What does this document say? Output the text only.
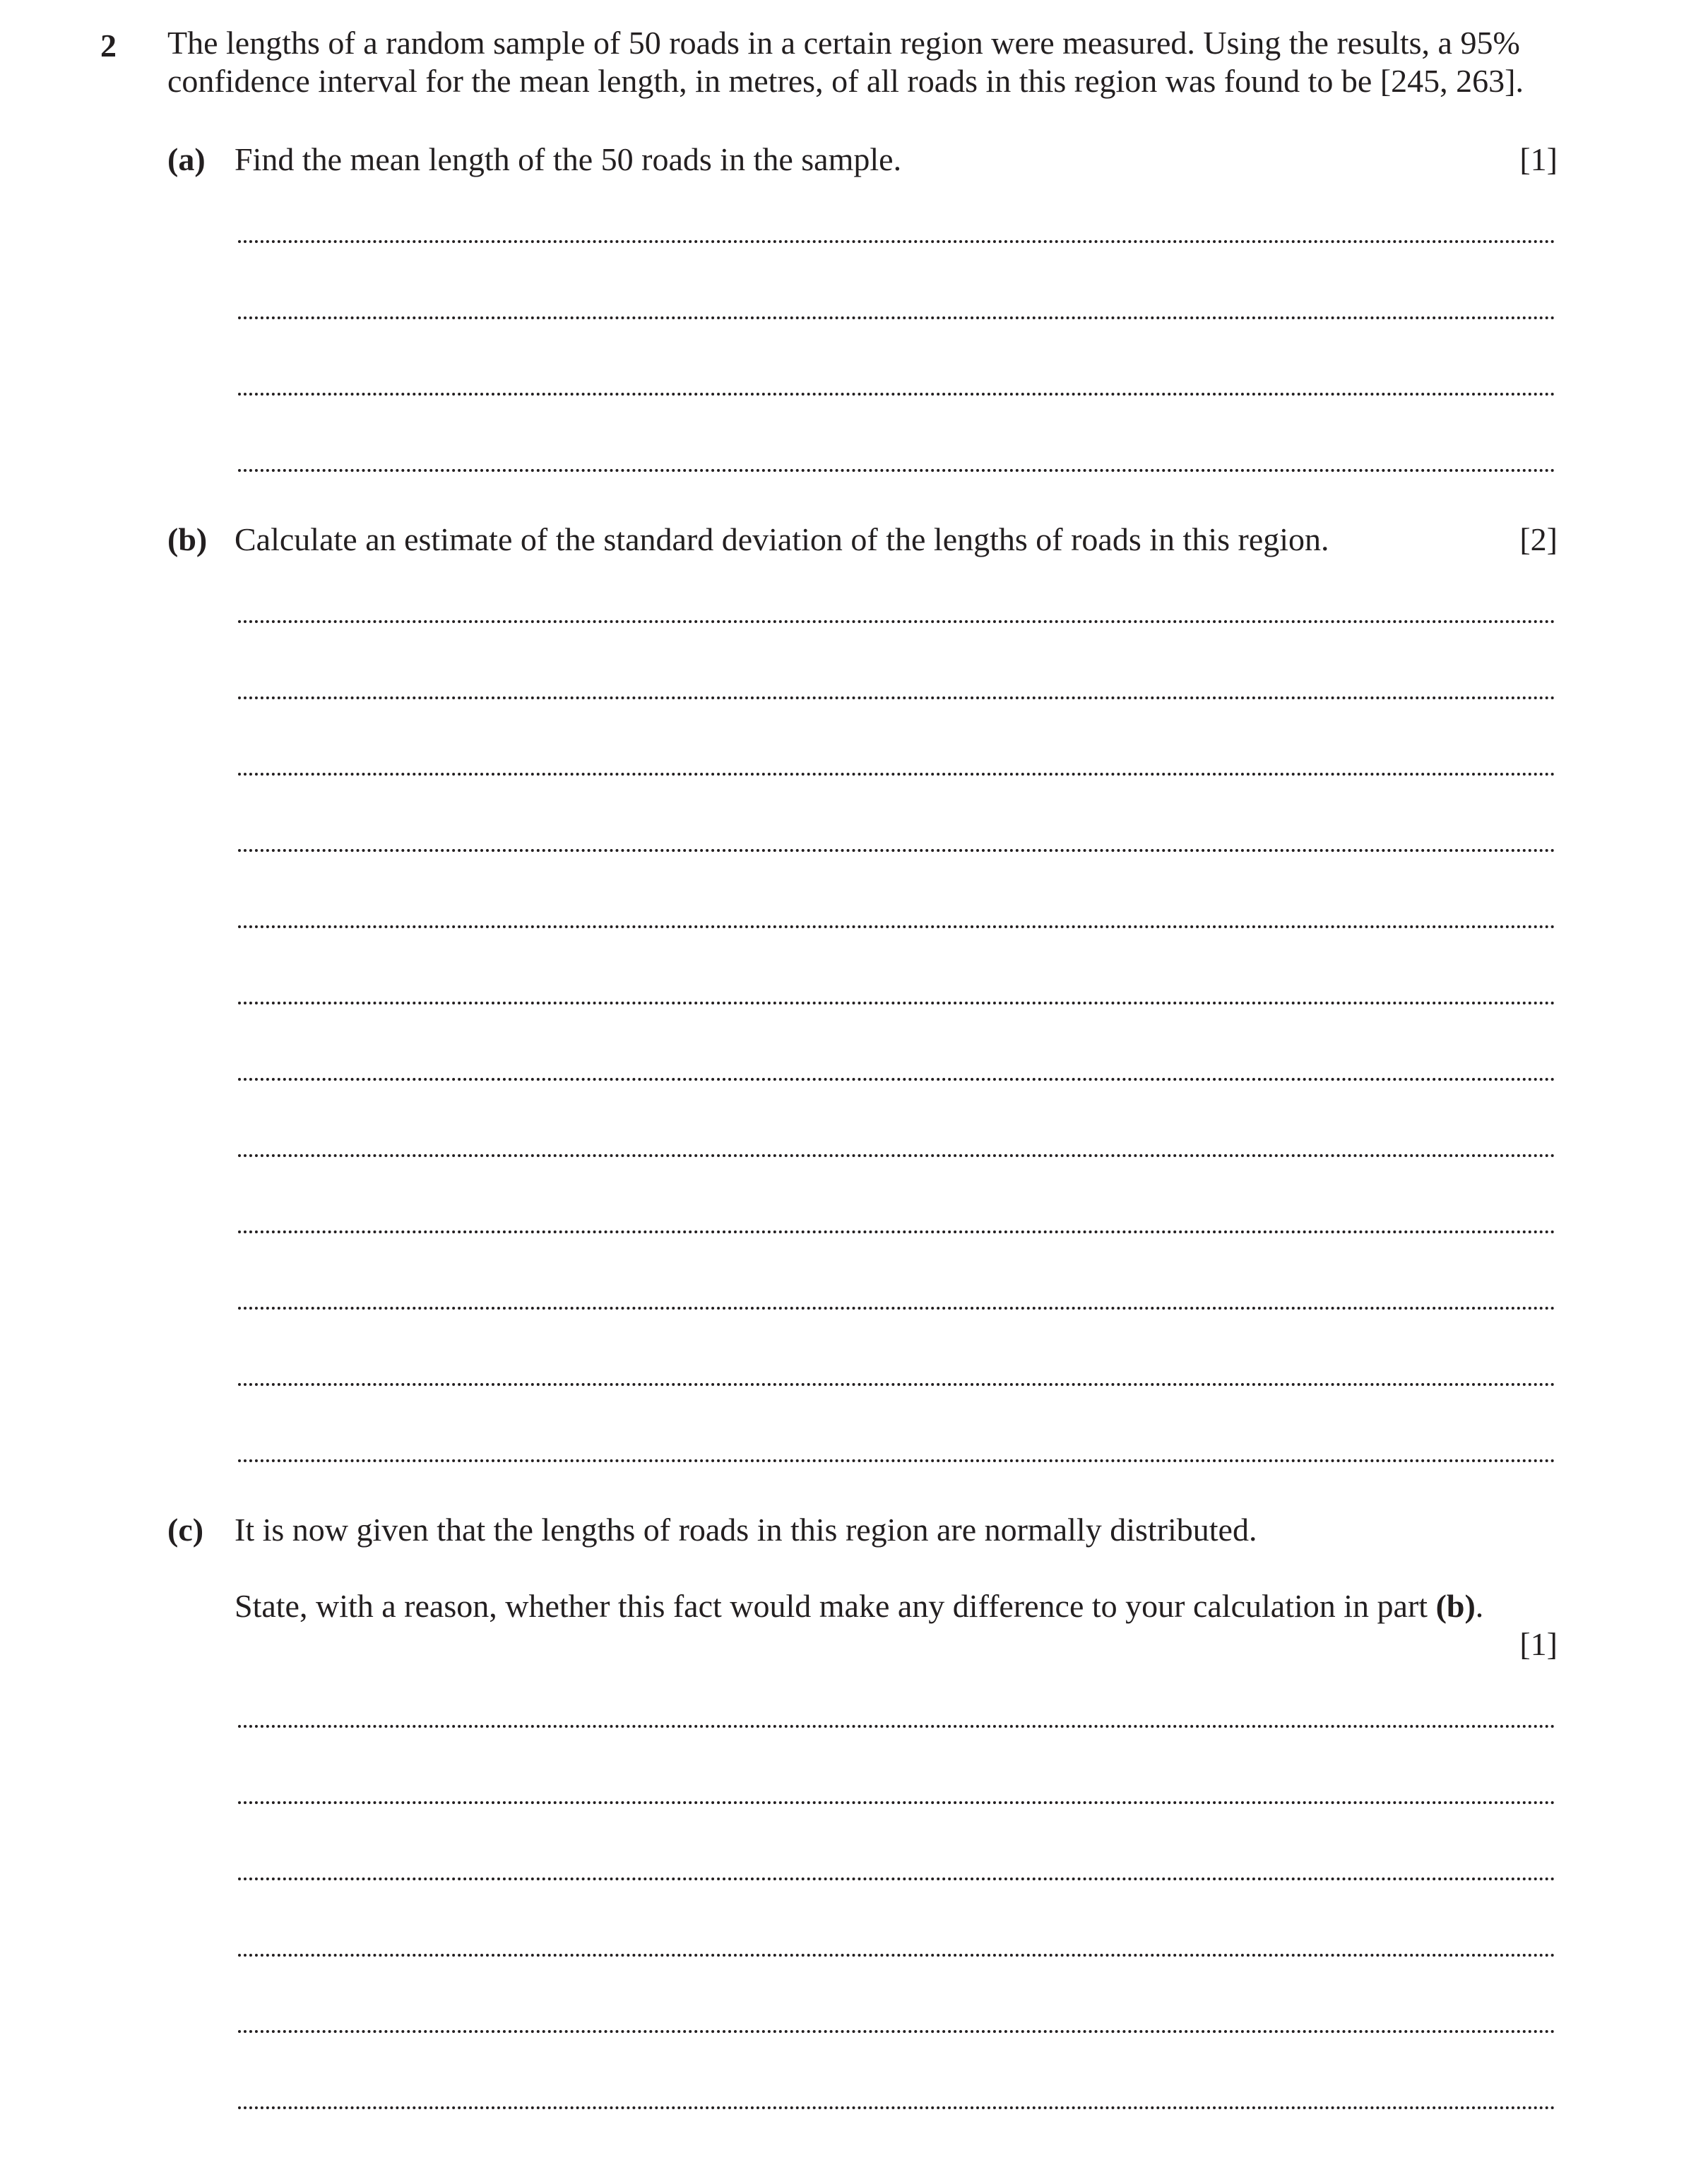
2 The lengths of a random sample of 50 roads in a certain region were measured. Using the results, a 95%
confidence interval for the mean length, in metres, of all roads in this region was found to be [245, 263].
(a) Find the mean length of the 50 roads in the sample.	[1]
(b) Calculate an estimate of the standard deviation of the lengths of roads in this region.	[2]
(c) It is now given that the lengths of roads in this region are normally distributed.
State, with a reason, whether this fact would make any difference to your calculation in part (b).
[1]
